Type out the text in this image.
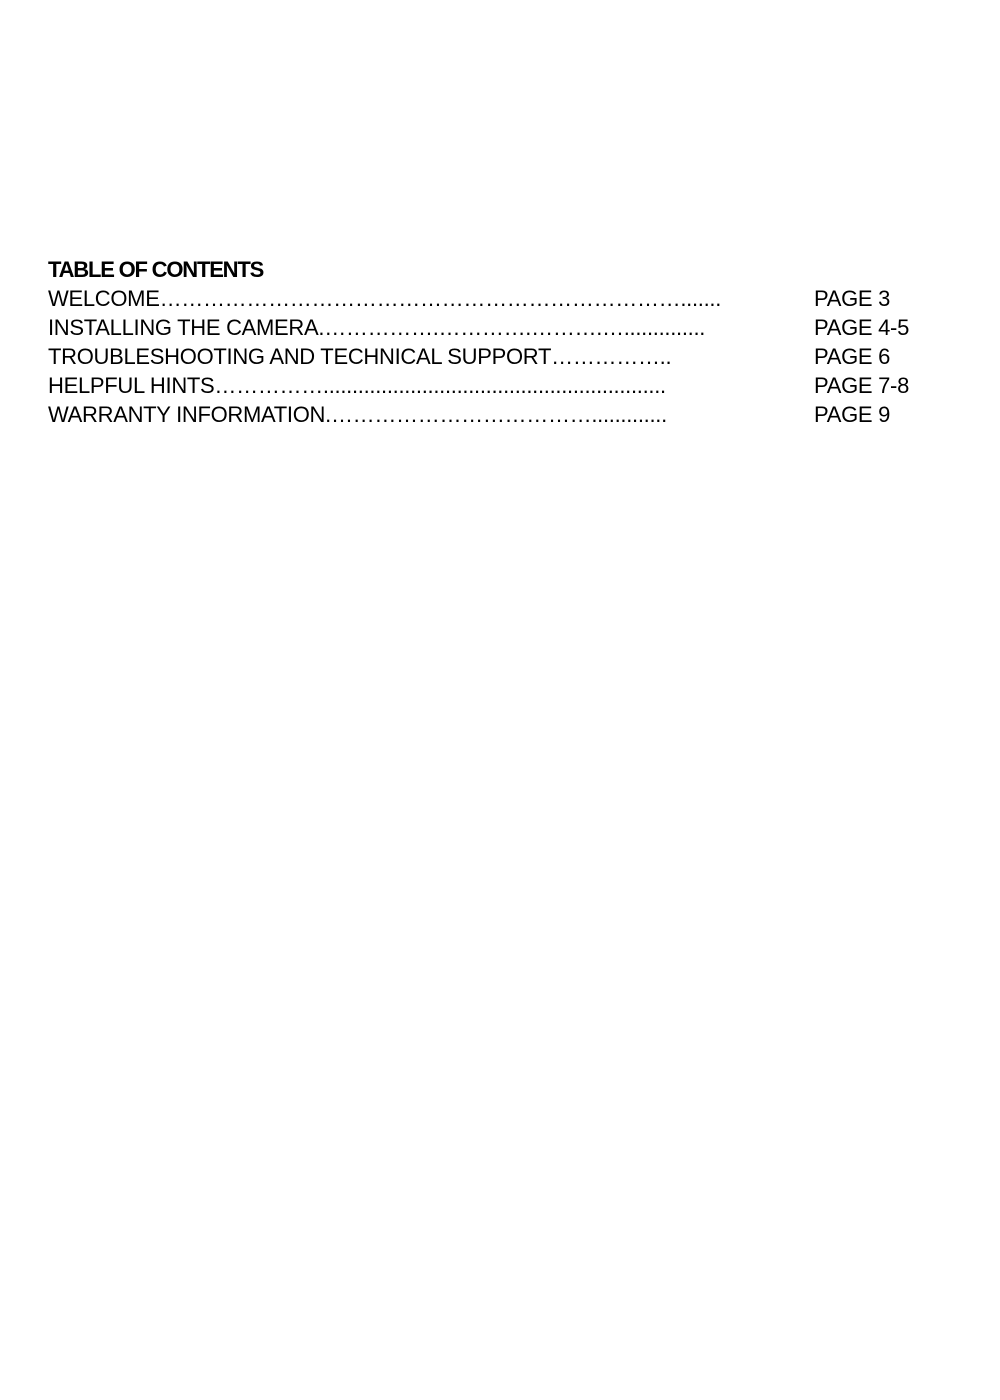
TABLE OF CONTENTS
WELCOME……………………………………………………………….......	PAGE 3
INSTALLING THE CAMERA.…………….………….……….…..............	PAGE 4-5
TROUBLESHOOTING AND TECHNICAL SUPPORT……………..	PAGE 6
HELPFUL HINTS……………...........................................................	PAGE 7-8
WARRANTY INFORMATION.……………………………….............	PAGE 9
